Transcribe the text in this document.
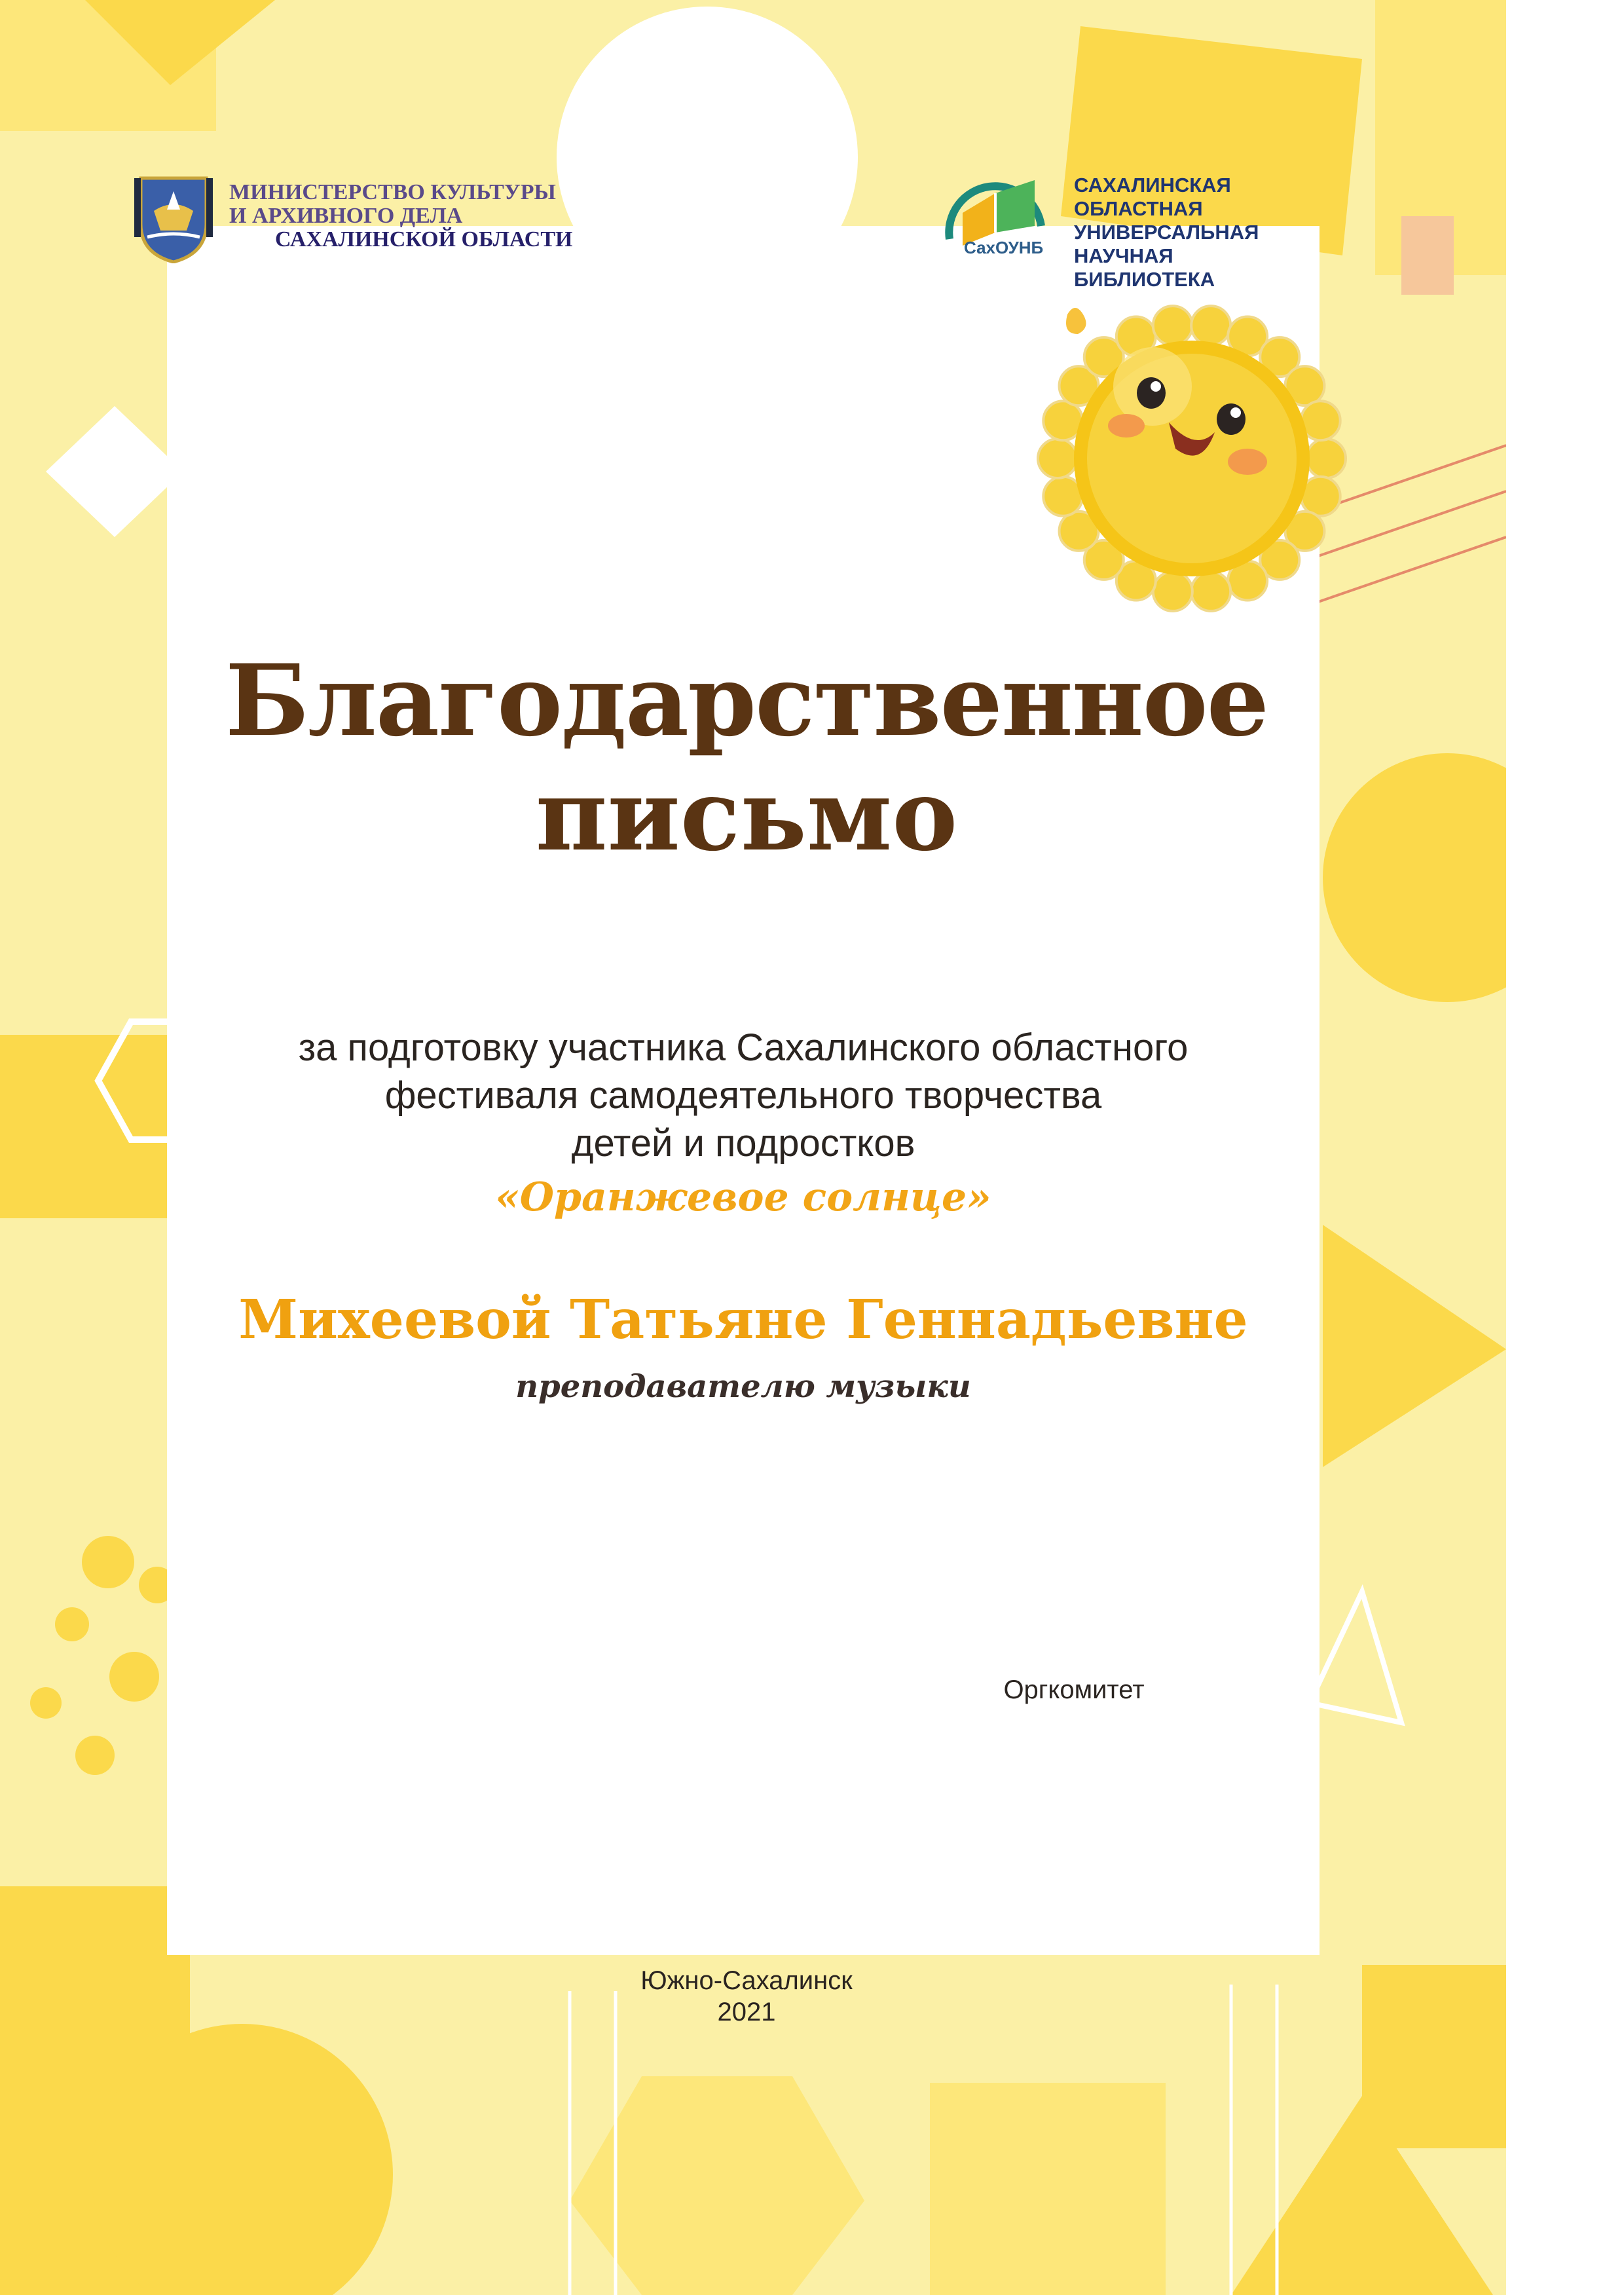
МИНИСТЕРСТВО КУЛЬТУРЫ
И АРХИВНОГО ДЕЛА
САХАЛИНСКОЙ ОБЛАСТИ	СахОУНБ
САХАЛИНСКАЯ ОБЛАСТНАЯ
УНИВЕРСАЛЬНАЯ НАУЧНАЯ
БИБЛИОТЕКА
Благодарственное
письмо
за подготовку участника Сахалинского областного
фестиваля самодеятельного творчества
детей и подростков
«Оранжевое солнце»
Михеевой Татьяне Геннадьевне
преподавателю музыки
Оргкомитет
Южно-Сахалинск
2021
